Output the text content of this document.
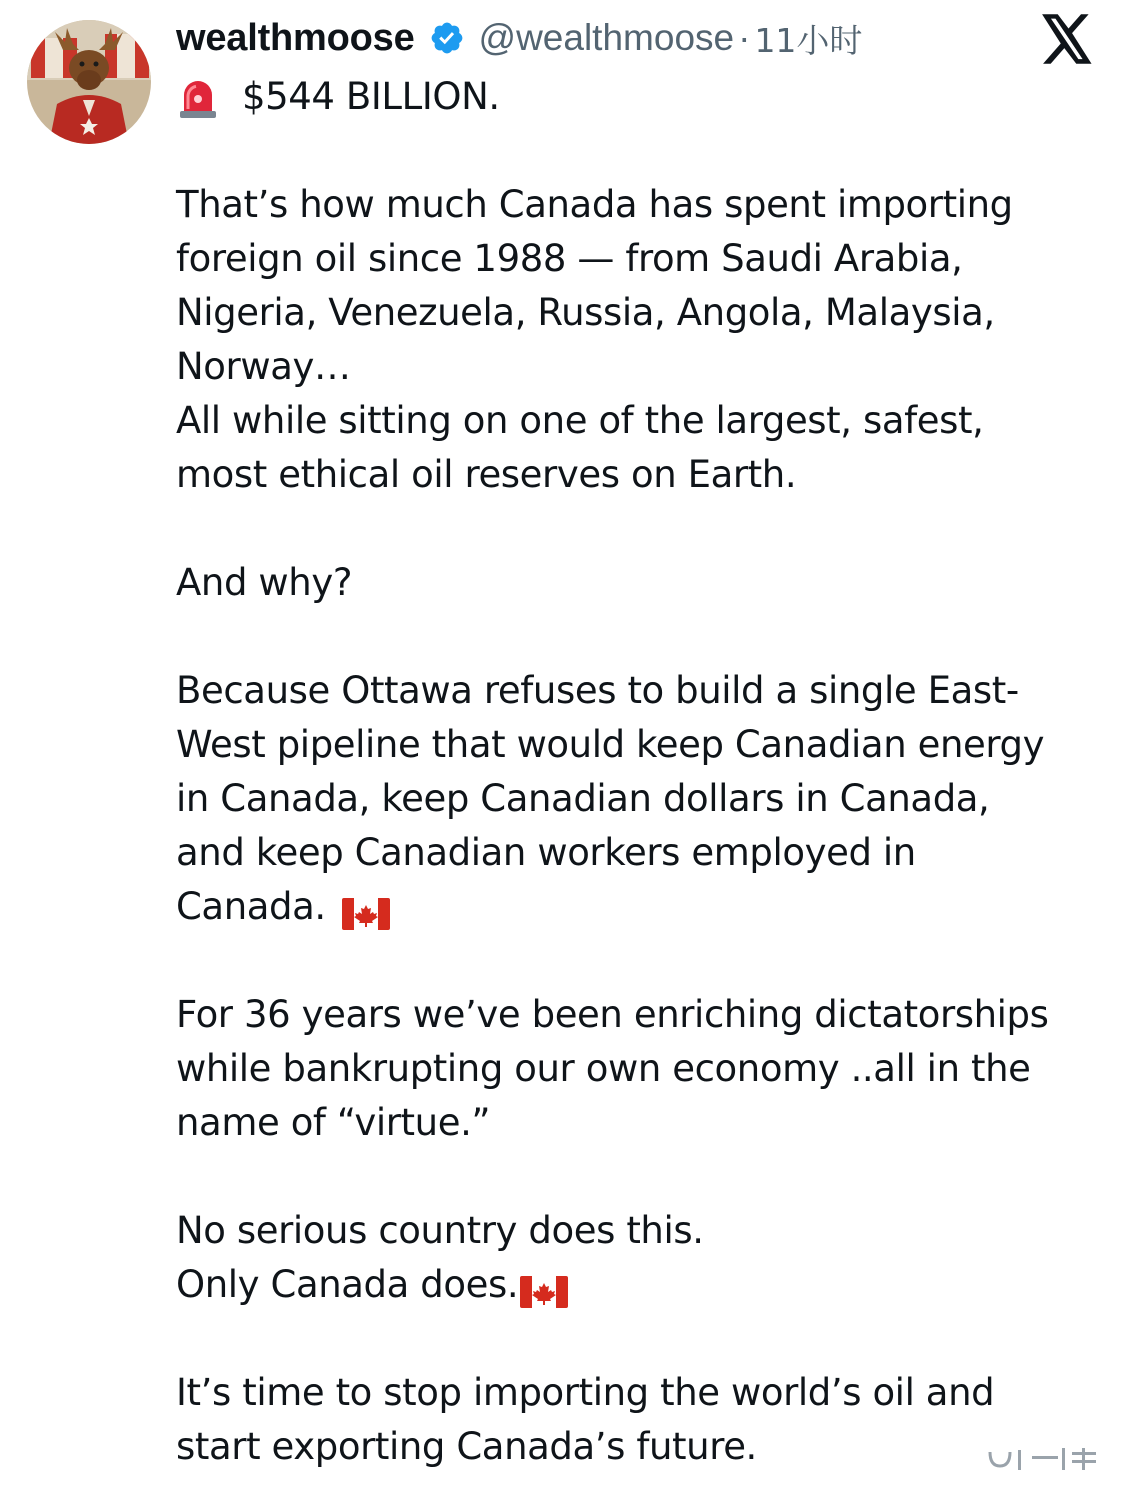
wealthmoose @wealthmoose · 11小时
$544 BILLION.
That’s how much Canada has spent importing
foreign oil since 1988 — from Saudi Arabia,
Nigeria, Venezuela, Russia, Angola, Malaysia,
Norway…
All while sitting on one of the largest, safest,
most ethical oil reserves on Earth.
And why?
Because Ottawa refuses to build a single East-
West pipeline that would keep Canadian energy
in Canada, keep Canadian dollars in Canada,
and keep Canadian workers employed in
Canada.
For 36 years we’ve been enriching dictatorships
while bankrupting our own economy ..all in the
name of “virtue.”
No serious country does this.
Only Canada does.
It’s time to stop importing the world’s oil and
start exporting Canada’s future.
